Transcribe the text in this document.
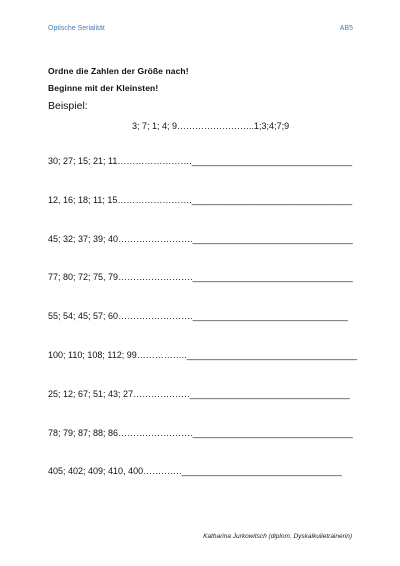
Optische Serialität	AB5
Ordne die Zahlen der Größe nach!
Beginne mit der Kleinsten!
Beispiel:
3; 7; 1; 4; 9……………………..1;3;4;7;9
30; 27; 15; 21; 11…………………….________________________________
12, 16; 18; 11; 15…………………….________________________________
45; 32; 37; 39; 40…………………….________________________________
77; 80; 72; 75, 79…………………….________________________________
55; 54; 45; 57; 60……………………._______________________________
100; 110; 108; 112; 99……………..__________________________________
25; 12; 67; 51; 43; 27……………….________________________________
78; 79; 87; 88; 86…………………….________________________________
405; 402; 409; 410, 400………….________________________________
Katharina Jurkowitsch (diplom. Dyskalkulietrainerin)
